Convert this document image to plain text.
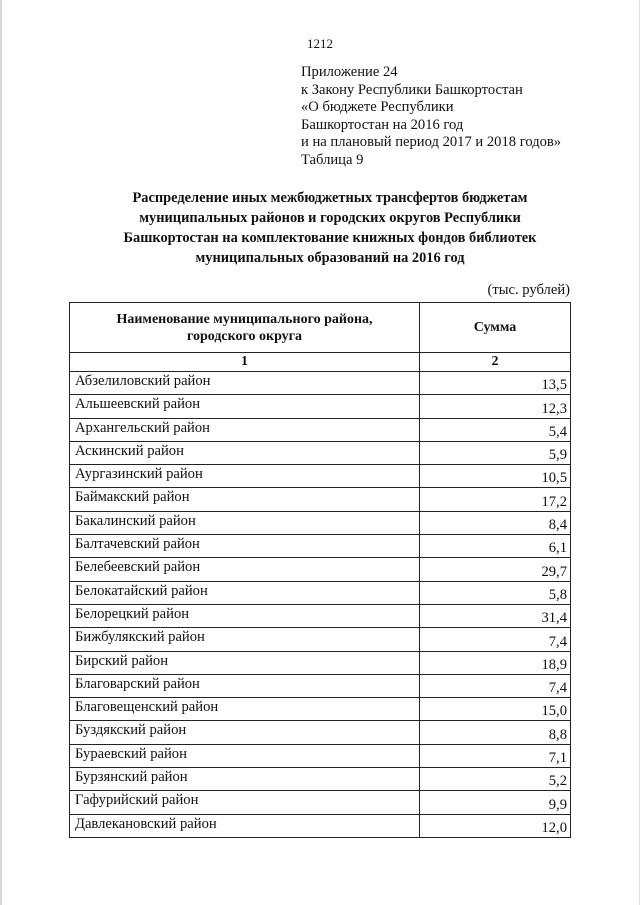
1212
Приложение 24
к Закону Республики Башкортостан
«О бюджете Республики
Башкортостан на 2016 год
и на плановый период 2017 и 2018 годов»
Таблица 9
Распределение иных межбюджетных трансфертов бюджетам
муниципальных районов и городских округов Республики
Башкортостан на комплектование книжных фондов библиотек
муниципальных образований на 2016 год
(тыс. рублей)
Наименование муниципального района,
городского округа	Сумма
1	2
Абзелиловский район	13,5
Альшеевский район	12,3
Архангельский район	5,4
Аскинский район	5,9
Аургазинский район	10,5
Баймакский район	17,2
Бакалинский район	8,4
Балтачевский район	6,1
Белебеевский район	29,7
Белокатайский район	5,8
Белорецкий район	31,4
Бижбулякский район	7,4
Бирский район	18,9
Благоварский район	7,4
Благовещенский район	15,0
Буздякский район	8,8
Бураевский район	7,1
Бурзянский район	5,2
Гафурийский район	9,9
Давлекановский район	12,0
